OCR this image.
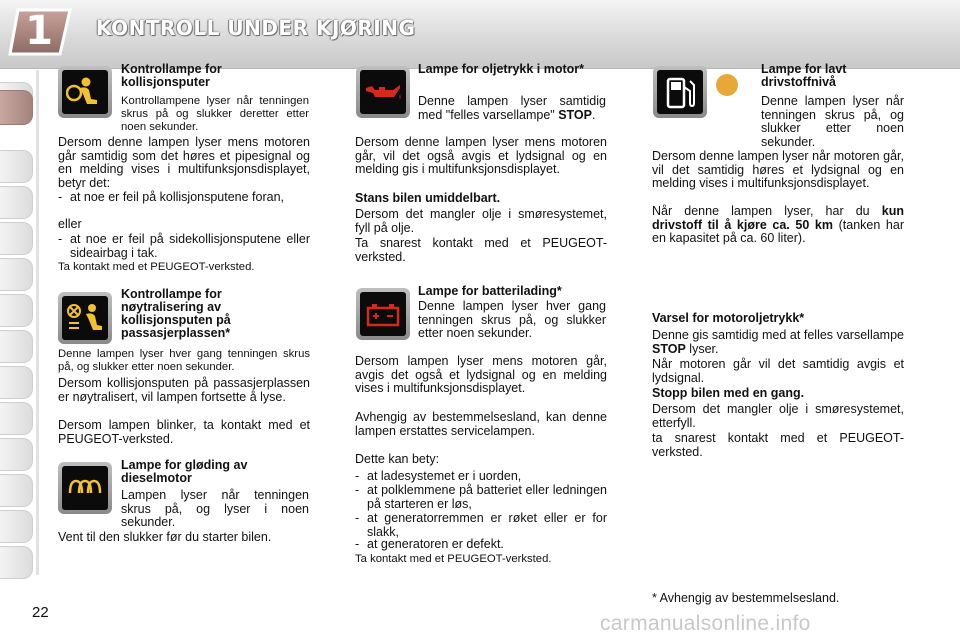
1	KONTROLL UNDER KJØRING

Kontrollampe for kollisjonsputer

Kontrollampene lyser når tenningen skrus på og slukker deretter etter noen sekunder.

Dersom denne lampen lyser mens motoren går samtidig som det høres et pipesignal og en melding vises i multifunksjonsdisplayet, betyr det:

- at noe er feil på kollisjonsputene foran,

eller

- at noe er feil på sidekollisjonsputene eller sideairbag i tak.

Ta kontakt med et PEUGEOT-verksted.

Kontrollampe for nøytralisering av kollisjonsputen på passasjerplassen*

Denne lampen lyser hver gang tenningen skrus på, og slukker etter noen sekunder.

Dersom kollisjonsputen på passasjerplassen er nøytralisert, vil lampen fortsette å lyse.

Dersom lampen blinker, ta kontakt med et PEUGEOT-verksted.

Lampe for gløding av dieselmotor

Lampen lyser når tenningen skrus på, og lyser i noen sekunder.

Vent til den slukker før du starter bilen.

Lampe for oljetrykk i motor*

Denne lampen lyser samtidig med "felles varsellampe" STOP.

Dersom denne lampen lyser mens motoren går, vil det også avgis et lydsignal og en melding gis i multifunksjonsdisplayet.

Stans bilen umiddelbart.

Dersom det mangler olje i smøresystemet, fyll på olje.

Ta snarest kontakt med et PEUGEOT-verksted.

Lampe for batterilading*

Denne lampen lyser hver gang tenningen skrus på, og slukker etter noen sekunder.

Dersom lampen lyser mens motoren går, avgis det også et lydsignal og en melding vises i multifunksjonsdisplayet.

Avhengig av bestemmelsesland, kan denne lampen erstattes servicelampen.

Dette kan bety:

- at ladesystemet er i uorden,

- at polklemmene på batteriet eller ledningen på starteren er løs,

- at generatorremmen er røket eller er for slakk,

- at generatoren er defekt.

Ta kontakt med et PEUGEOT-verksted.

Lampe for lavt drivstoffnivå

Denne lampen lyser når tenningen skrus på, og slukker etter noen sekunder.

Dersom denne lampen lyser når motoren går, vil det samtidig høres et lydsignal og en melding vises i multifunksjonsdisplayet.

Når denne lampen lyser, har du kun drivstoff til å kjøre ca. 50 km (tanken har en kapasitet på ca. 60 liter).

Varsel for motoroljetrykk*

Denne gis samtidig med at felles varsellampe STOP lyser.

Når motoren går vil det samtidig avgis et lydsignal.

Stopp bilen med en gang.

Dersom det mangler olje i smøresystemet, etterfyll.

ta snarest kontakt med et PEUGEOT-verksted.

* Avhengig av bestemmelsesland.

22	carmanualsonline.info
